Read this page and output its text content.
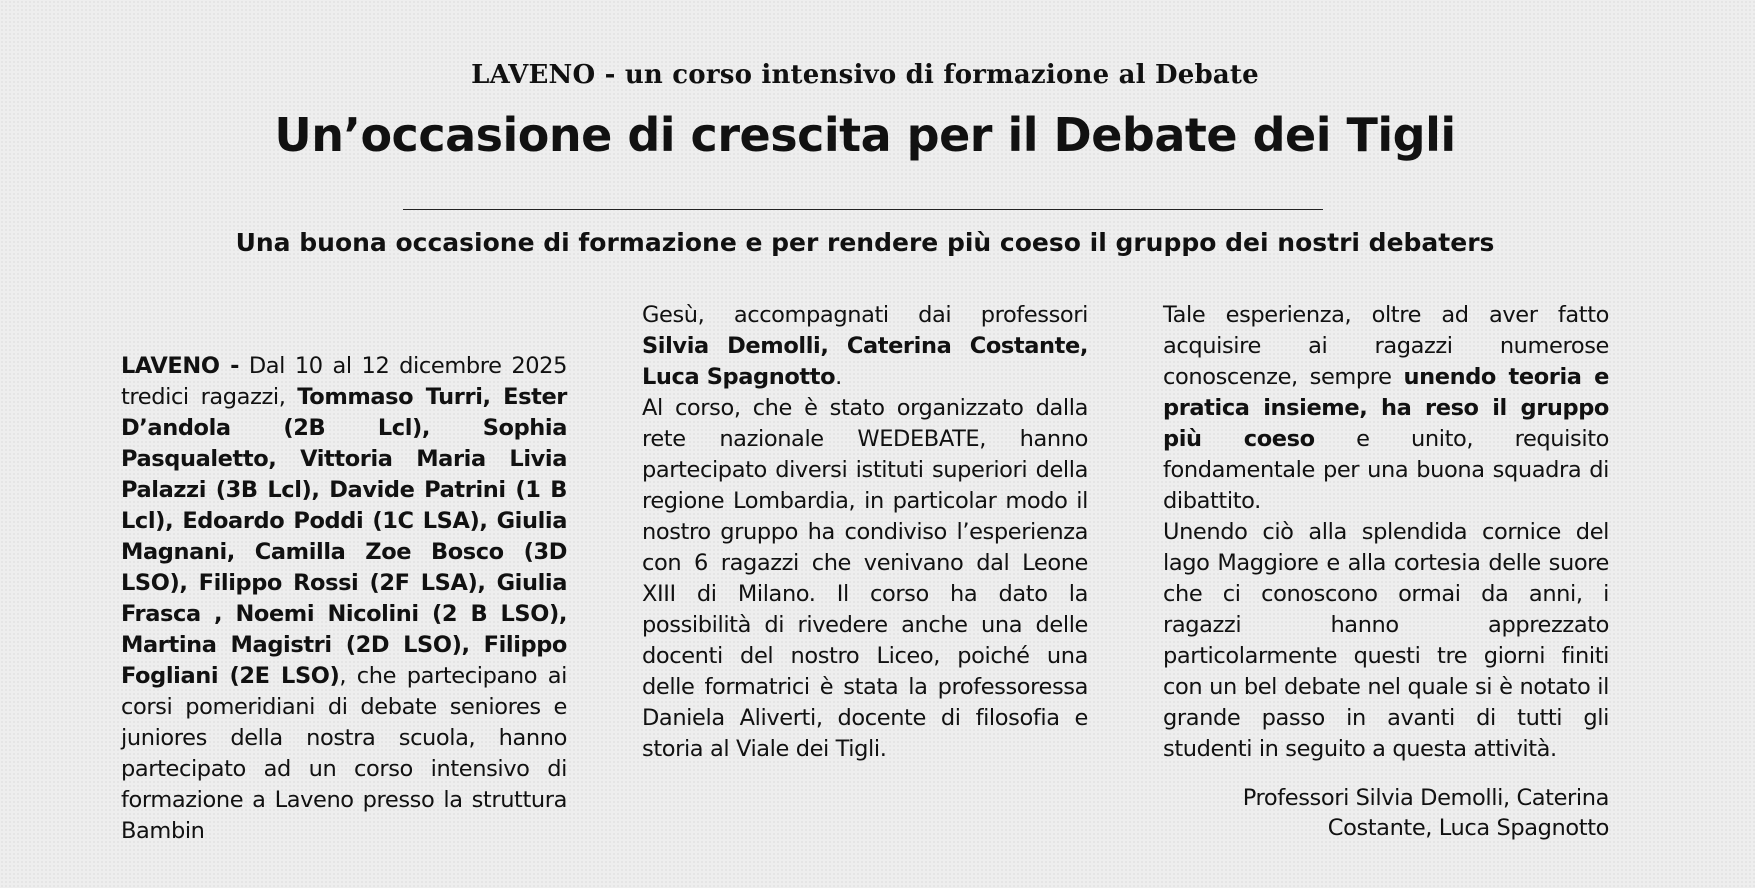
LAVENO - un corso intensivo di formazione al Debate
Un’occasione di crescita per il Debate dei Tigli
Una buona occasione di formazione e per rendere più coeso il gruppo dei nostri debaters

LAVENO - Dal 10 al 12 dicembre 2025 tredici ragazzi, Tommaso Turri, Ester D’andola (2B Lcl), Sophia Pasqualetto, Vittoria Maria Livia Palazzi (3B Lcl), Davide Patrini (1 B Lcl), Edoardo Poddi (1C LSA), Giulia Magnani, Camilla Zoe Bosco (3D LSO), Filippo Rossi (2F LSA), Giulia Frasca , Noemi Nicolini (2 B LSO), Martina Magistri (2D LSO), Filippo Fogliani (2E LSO), che partecipano ai corsi pomeridiani di debate seniores e juniores della nostra scuola, hanno partecipato ad un corso intensivo di formazione a Laveno presso la struttura Bambin

Gesù, accompagnati dai professori Silvia Demolli, Caterina Costante, Luca Spagnotto.

Al corso, che è stato organizzato dalla rete nazionale WEDEBATE, hanno partecipato diversi istituti superiori della regione Lombardia, in particolar modo il nostro gruppo ha condiviso l’esperienza con 6 ragazzi che venivano dal Leone XIII di Milano. Il corso ha dato la possibilità di rivedere anche una delle docenti del nostro Liceo, poiché una delle formatrici è stata la professoressa Daniela Aliverti, docente di filosofia e storia al Viale dei Tigli.

Tale esperienza, oltre ad aver fatto acquisire ai ragazzi numerose conoscenze, sempre unendo teoria e pratica insieme, ha reso il gruppo più coeso e unito, requisito fondamentale per una buona squadra di dibattito.

Unendo ciò alla splendida cornice del lago Maggiore e alla cortesia delle suore che ci conoscono ormai da anni, i ragazzi hanno apprezzato particolarmente questi tre giorni finiti con un bel debate nel quale si è notato il grande passo in avanti di tutti gli studenti in seguito a questa attività.

Professori Silvia Demolli, Caterina
Costante, Luca Spagnotto
